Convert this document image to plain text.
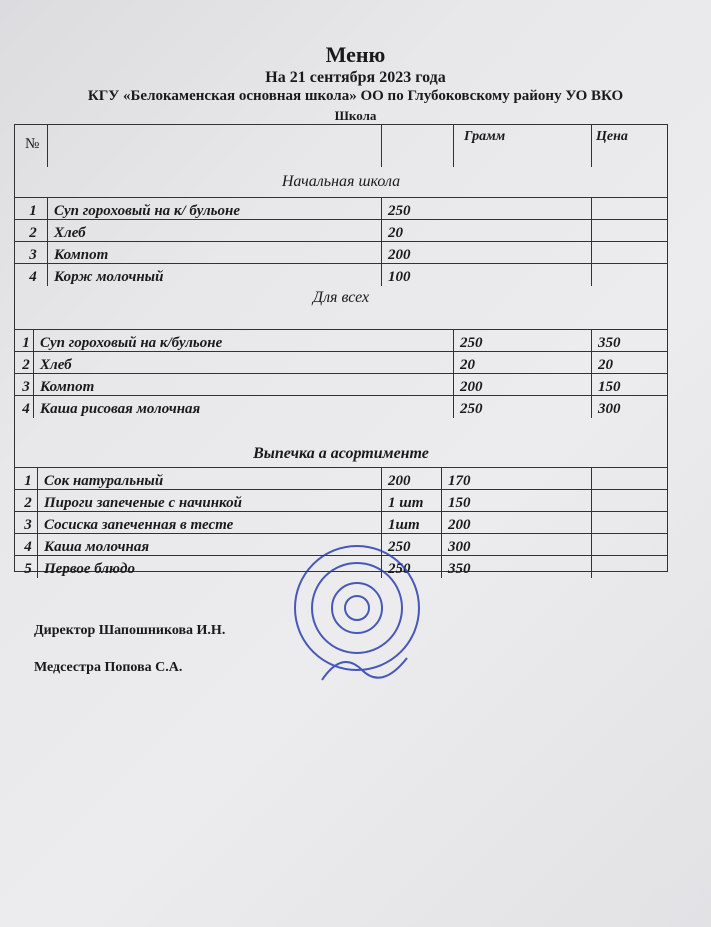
Меню
На 21 сентября 2023 года
КГУ «Белокаменская основная школа» ОО по Глубоковскому району УО ВКО
Школа
№	Грамм	Цена
Начальная школа
1	Суп гороховый на к/ бульоне	250
2	Хлеб	20
3	Компот	200
4	Корж молочный	100
Для всех
1 Суп гороховый на к/бульоне	250	350
2 Хлеб	20	20
3 Компот	200	150
4 Каша рисовая молочная	250	300
Выпечка а асортименте
1 Сок натуральный	200	170
2 Пироги запеченые с начинкой	1 шт	150
3 Сосиска запеченная в тесте	1шт	200
4 Каша молочная	250	300
5 Первое блюдо	250	350
Директор Шапошникова И.Н.
Медсестра Попова С.А.
